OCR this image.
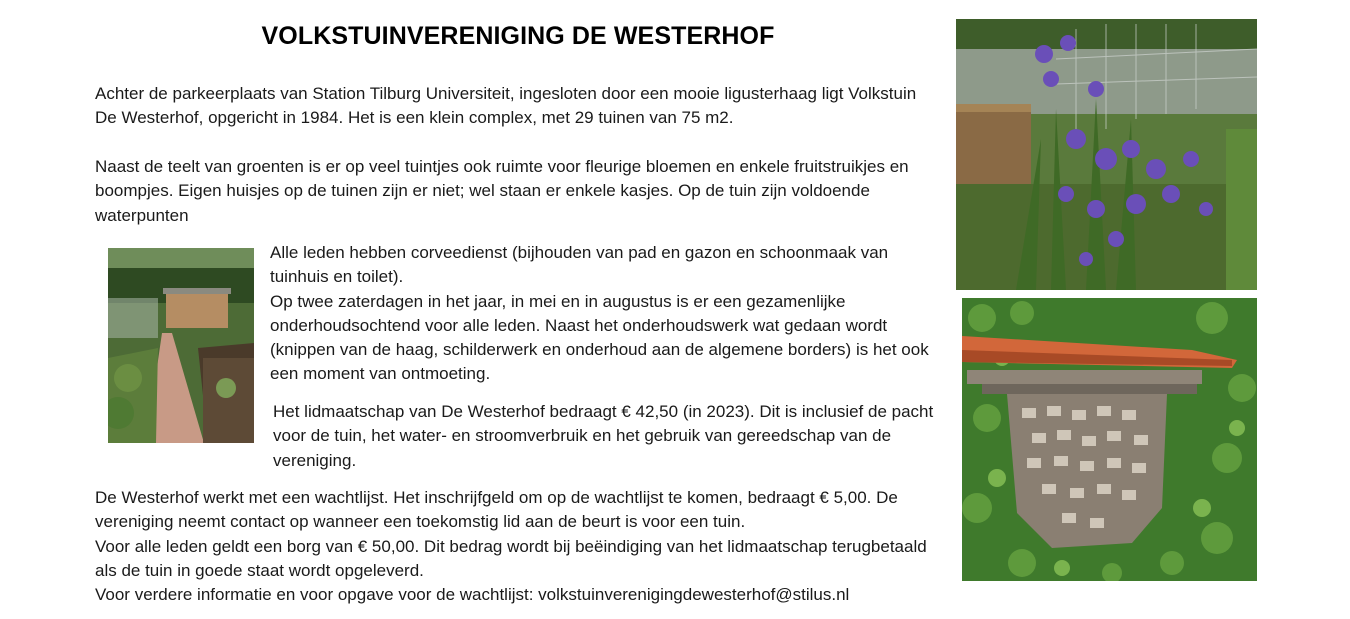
VOLKSTUINVERENIGING DE WESTERHOF

Achter de parkeerplaats van Station Tilburg Universiteit, ingesloten door een mooie ligusterhaag ligt Volkstuin De Westerhof, opgericht in 1984. Het is een klein complex, met 29 tuinen van 75 m2.

Naast de teelt van groenten is er op veel tuintjes ook ruimte voor fleurige bloemen en enkele fruitstruikjes en boompjes. Eigen huisjes op de tuinen zijn er niet; wel staan er enkele kasjes. Op de tuin zijn voldoende waterpunten

Alle leden hebben corveedienst (bijhouden van pad en gazon en schoonmaak van tuinhuis en toilet).
Op twee zaterdagen in het jaar, in mei en in augustus is er een gezamenlijke onderhoudsochtend voor alle leden. Naast het onderhoudswerk wat gedaan wordt (knippen van de haag, schilderwerk en onderhoud aan de algemene borders) is het ook een moment van ontmoeting.

Het lidmaatschap van De Westerhof bedraagt € 42,50 (in 2023). Dit is inclusief de pacht voor de tuin, het water- en stroomverbruik en het gebruik van gereedschap van de vereniging.

De Westerhof werkt met een wachtlijst. Het inschrijfgeld om op de wachtlijst te komen, bedraagt € 5,00. De vereniging neemt contact op wanneer een toekomstig lid aan de beurt is voor een tuin.
Voor alle leden geldt een borg van € 50,00. Dit bedrag wordt bij beëindiging van het lidmaatschap terugbetaald als de tuin in goede staat wordt opgeleverd.
Voor verdere informatie en voor opgave voor de wachtlijst: volkstuinverenigingdewesterhof@stilus.nl
